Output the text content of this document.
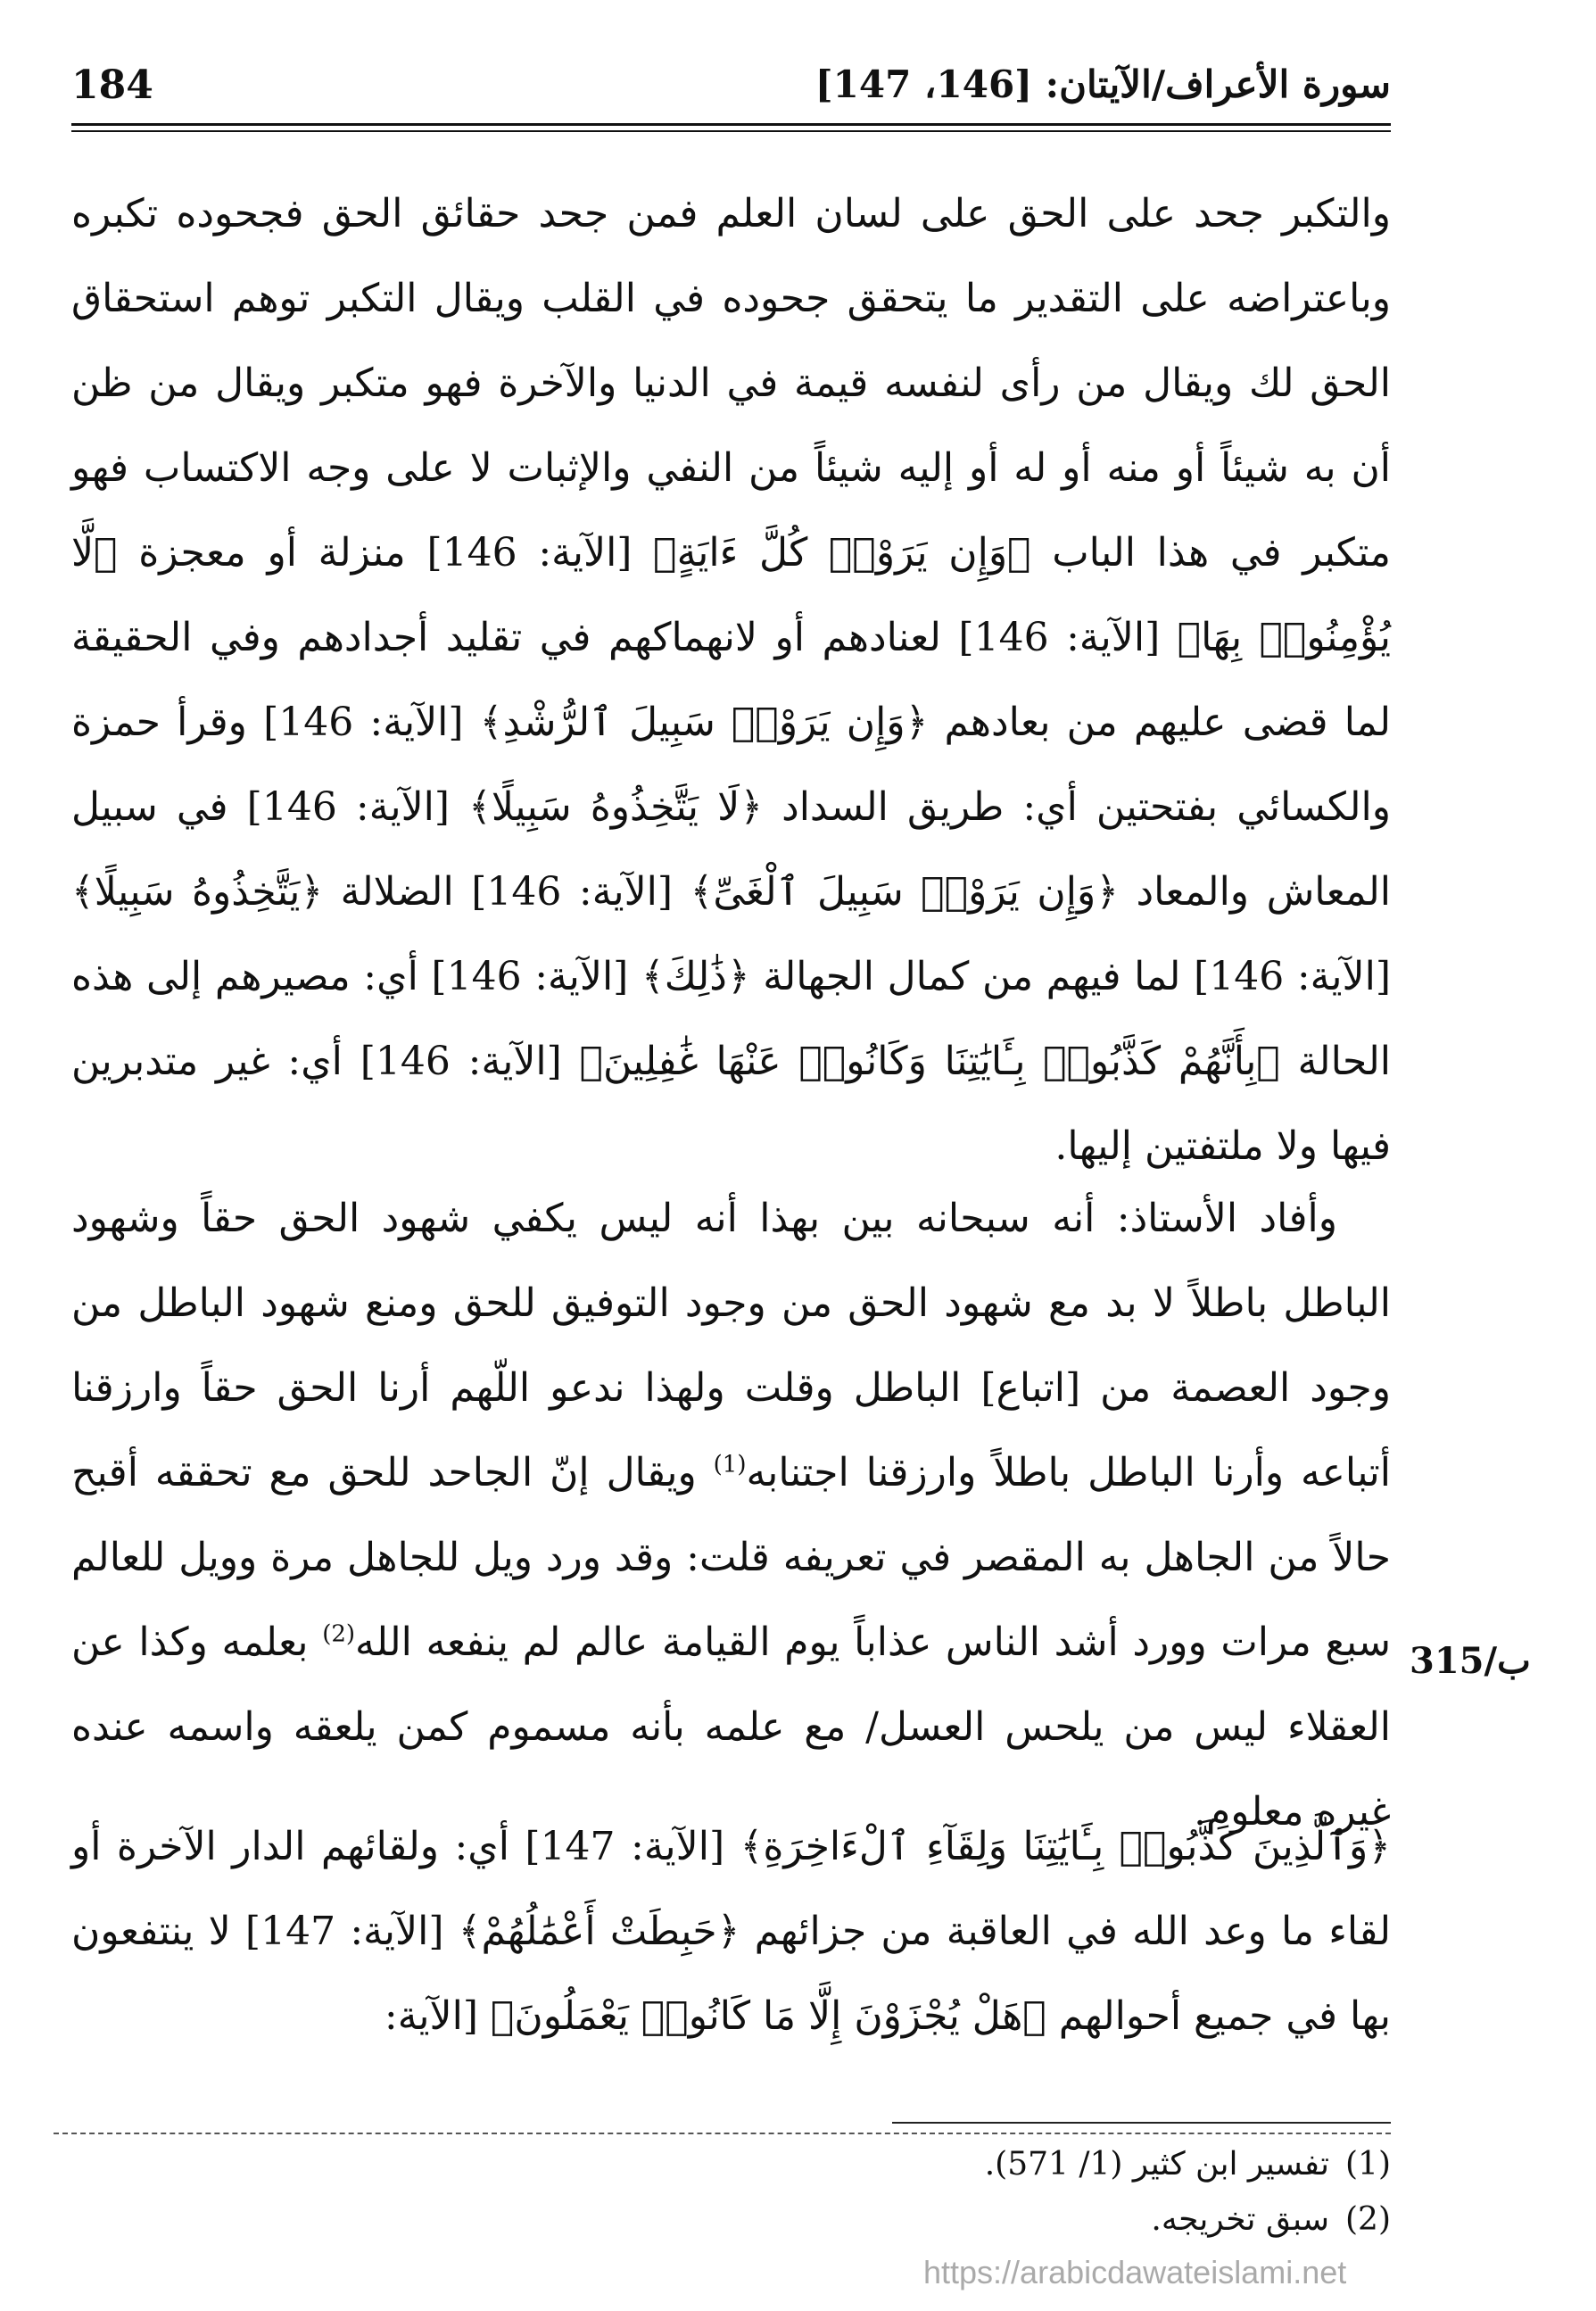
184	سورة الأعراف/الآيتان: [146، 147]

والتكبر جحد على الحق على لسان العلم فمن جحد حقائق الحق فجحوده تكبره وباعتراضه على التقدير ما يتحقق جحوده في القلب ويقال التكبر توهم استحقاق الحق لك ويقال من رأى لنفسه قيمة في الدنيا والآخرة فهو متكبر ويقال من ظن أن به شيئاً أو منه أو له أو إليه شيئاً من النفي والإثبات لا على وجه الاكتساب فهو متكبر في هذا الباب ﴿وَإِن يَرَوْا۟ كُلَّ ءَايَةٍ﴾ [الآية: 146] منزلة أو معجزة ﴿لَّا يُؤْمِنُوا۟ بِهَا﴾ [الآية: 146] لعنادهم أو لانهماكهم في تقليد أجدادهم وفي الحقيقة لما قضى عليهم من بعادهم ﴿وَإِن يَرَوْا۟ سَبِيلَ ٱلرُّشْدِ﴾ [الآية: 146] وقرأ حمزة والكسائي بفتحتين أي: طريق السداد ﴿لَا يَتَّخِذُوهُ سَبِيلًا﴾ [الآية: 146] في سبيل المعاش والمعاد ﴿وَإِن يَرَوْا۟ سَبِيلَ ٱلْغَىِّ﴾ [الآية: 146] الضلالة ﴿يَتَّخِذُوهُ سَبِيلًا﴾ [الآية: 146] لما فيهم من كمال الجهالة ﴿ذَٰلِكَ﴾ [الآية: 146] أي: مصيرهم إلى هذه الحالة ﴿بِأَنَّهُمْ كَذَّبُوا۟ بِـَٔايَٰتِنَا وَكَانُوا۟ عَنْهَا غَٰفِلِينَ﴾ [الآية: 146] أي: غير متدبرين فيها ولا ملتفتين إليها.

وأفاد الأستاذ: أنه سبحانه بين بهذا أنه ليس يكفي شهود الحق حقاً وشهود الباطل باطلاً لا بد مع شهود الحق من وجود التوفيق للحق ومنع شهود الباطل من وجود العصمة من [اتباع] الباطل وقلت ولهذا ندعو اللّهم أرنا الحق حقاً وارزقنا أتباعه وأرنا الباطل باطلاً وارزقنا اجتنابه$^{(1)}$ ويقال إنّ الجاحد للحق مع تحققه أقبح حالاً من الجاهل به المقصر في تعريفه قلت: وقد ورد ويل للجاهل مرة وويل للعالم سبع مرات وورد أشد الناس عذاباً يوم القيامة عالم لم ينفعه الله$^{(2)}$ بعلمه وكذا عن العقلاء ليس من يلحس العسل/ مع علمه بأنه مسموم كمن يلعقه واسمه عنده غيره معلوم.

﴿وَٱلَّذِينَ كَذَّبُوا۟ بِـَٔايَٰتِنَا وَلِقَآءِ ٱلْءَاخِرَةِ﴾ [الآية: 147] أي: ولقائهم الدار الآخرة أو لقاء ما وعد الله في العاقبة من جزائهم ﴿حَبِطَتْ أَعْمَٰلُهُمْ﴾ [الآية: 147] لا ينتفعون بها في جميع أحوالهم ﴿هَلْ يُجْزَوْنَ إِلَّا مَا كَانُوا۟ يَعْمَلُونَ﴾ [الآية:

315/ب
(1)تفسير ابن كثير (1/ 571).
(2)سبق تخريجه.
https://arabicdawateislami.net
